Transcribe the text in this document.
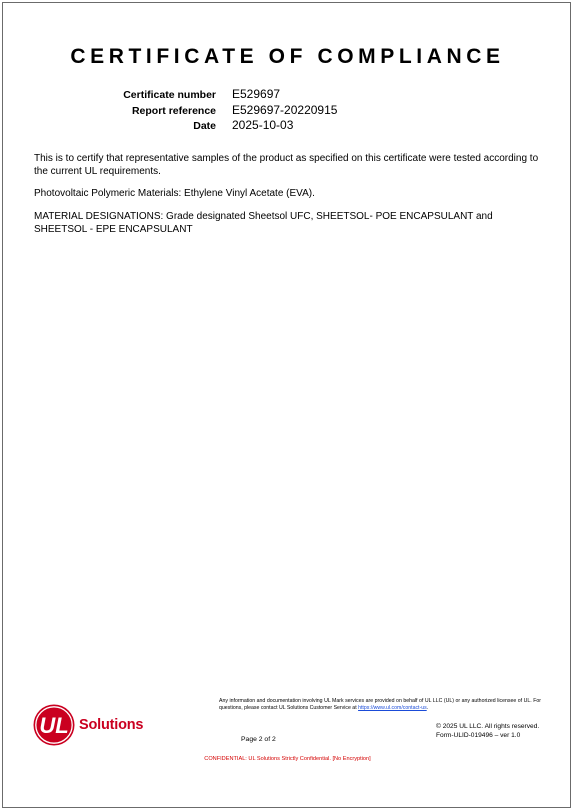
CERTIFICATE OF COMPLIANCE
Certificate number E529697
Report reference E529697-20220915
Date 2025-10-03

This is to certify that representative samples of the product as specified on this certificate were tested according to the current UL requirements.

Photovoltaic Polymeric Materials: Ethylene Vinyl Acetate (EVA).

MATERIAL DESIGNATIONS: Grade designated Sheetsol UFC, SHEETSOL- POE ENCAPSULANT and SHEETSOL - EPE ENCAPSULANT

Any information and documentation involving UL Mark services are provided on behalf of UL LLC (UL) or any authorized licensee of UL. For questions, please contact UL Solutions Customer Service at https://www.ul.com/contact-us.

UL Solutions	© 2025 UL LLC. All rights reserved.
Form-ULID-019496 – ver 1.0
Page 2 of 2
CONFIDENTIAL: UL Solutions Strictly Confidential. [No Encryption]
